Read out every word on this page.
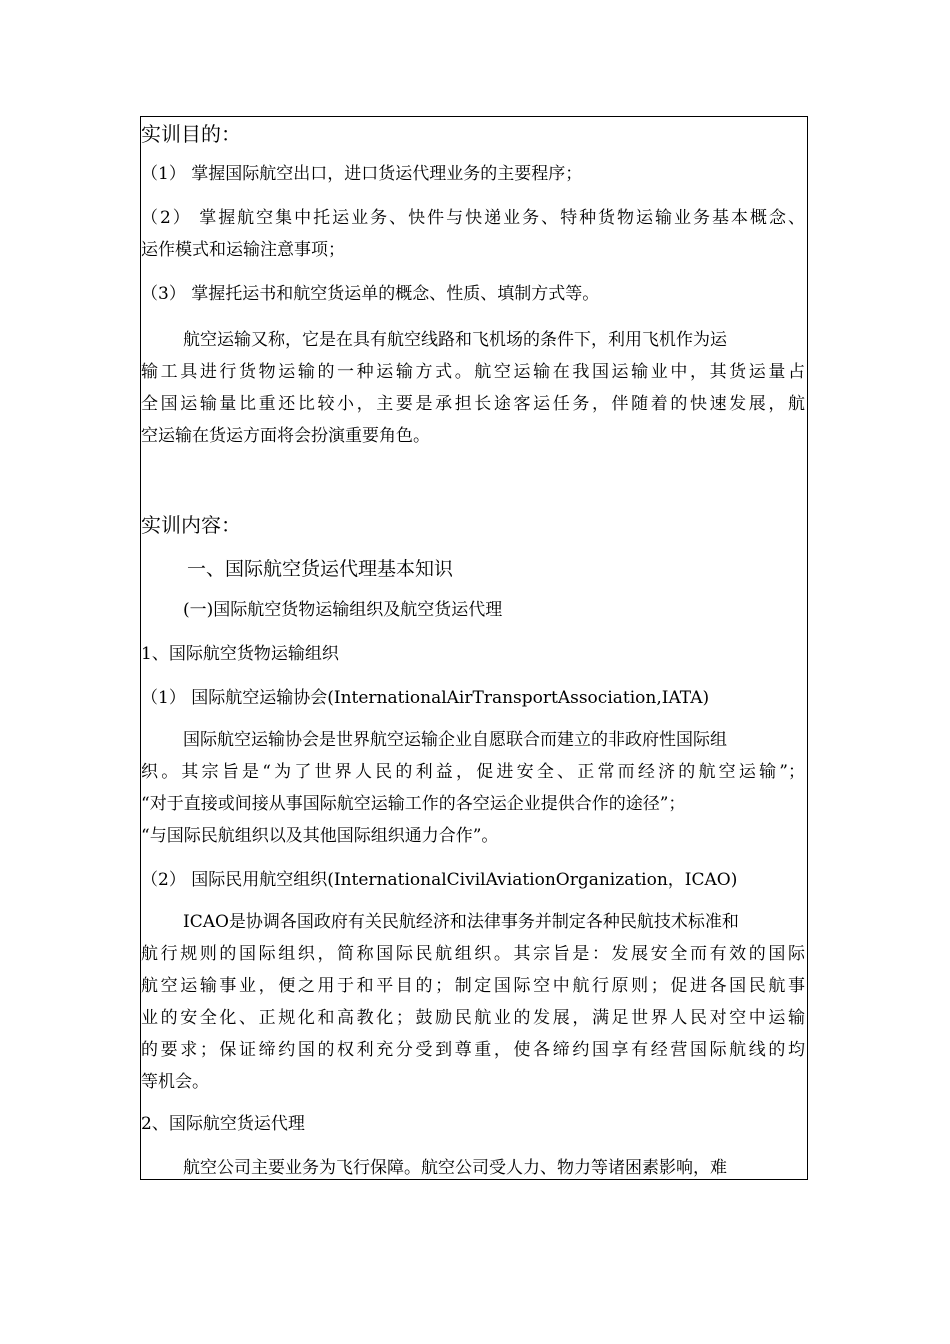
实训目的：
（1） 掌握国际航空出口，进口货运代理业务的主要程序；
（2） 掌握航空集中托运业务、快件与快递业务、特种货物运输业务基本概念、
运作模式和运输注意事项；
（3） 掌握托运书和航空货运单的概念、性质、填制方式等。
航空运输又称，它是在具有航空线路和飞机场的条件下，利用飞机作为运
输工具进行货物运输的一种运输方式。航空运输在我国运输业中，其货运量占
全国运输量比重还比较小，主要是承担长途客运任务，伴随着的快速发展，航
空运输在货运方面将会扮演重要角色。
实训内容：
一、国际航空货运代理基本知识
(一)国际航空货物运输组织及航空货运代理
1、国际航空货物运输组织
（1） 国际航空运输协会(InternationalAirTransportAssociation,IATA)
国际航空运输协会是世界航空运输企业自愿联合而建立的非政府性国际组
织。其宗旨是“为了世界人民的利益，促进安全、正常而经济的航空运输”；
“对于直接或间接从事国际航空运输工作的各空运企业提供合作的途径”；
“与国际民航组织以及其他国际组织通力合作”。
（2） 国际民用航空组织(InternationalCivilAviationOrganization，ICAO)
ICAO是协调各国政府有关民航经济和法律事务并制定各种民航技术标准和
航行规则的国际组织，简称国际民航组织。其宗旨是：发展安全而有效的国际
航空运输事业，便之用于和平目的；制定国际空中航行原则；促进各国民航事
业的安全化、正规化和高教化；鼓励民航业的发展，满足世界人民对空中运输
的要求；保证缔约国的权利充分受到尊重，使各缔约国享有经营国际航线的均
等机会。
2、国际航空货运代理
航空公司主要业务为飞行保障。航空公司受人力、物力等诸困素影响，难
